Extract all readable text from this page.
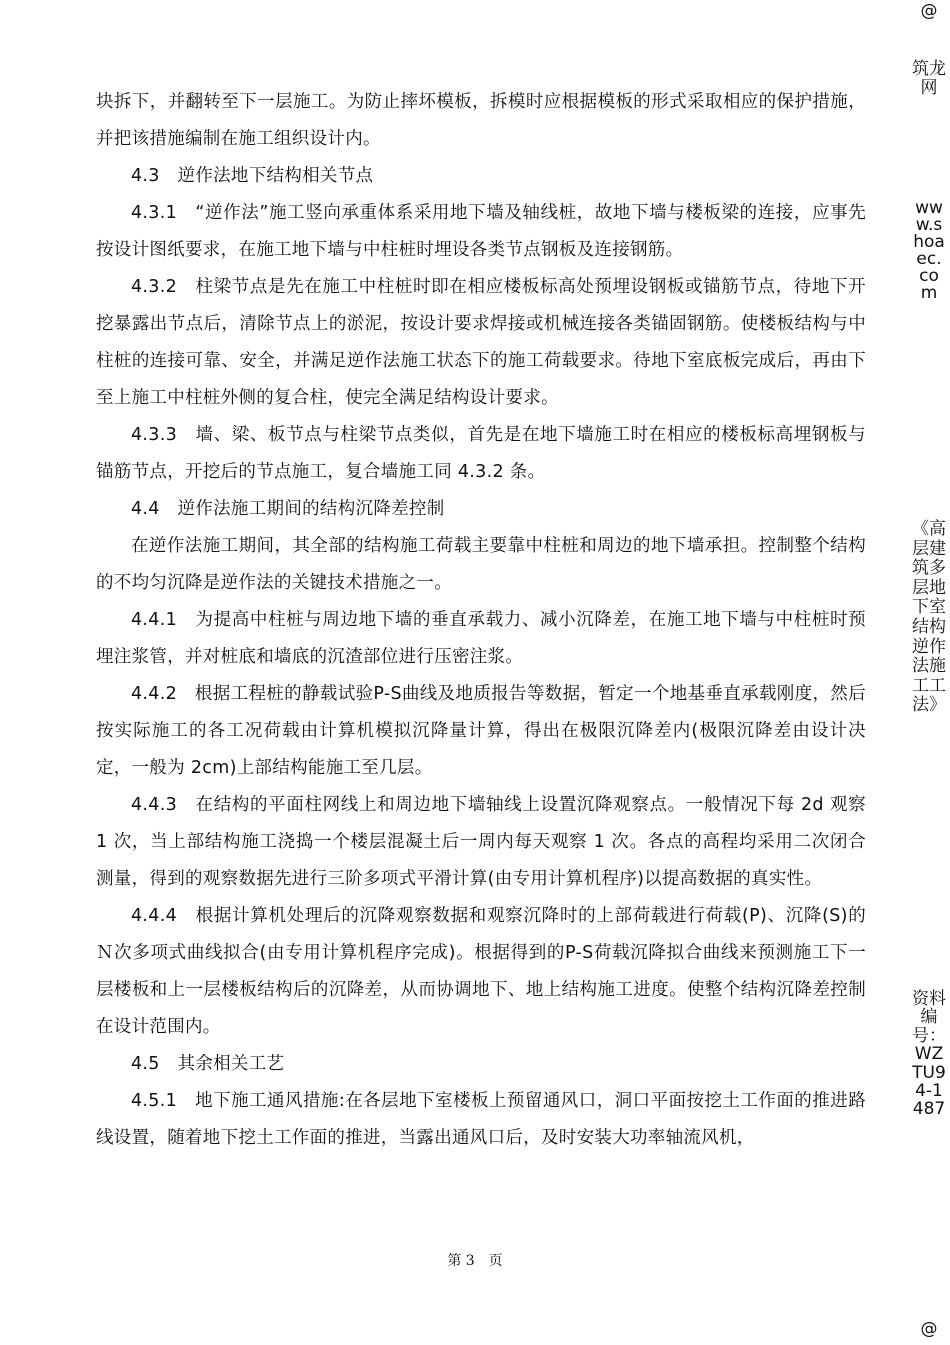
块拆下，并翻转至下一层施工。为防止摔坏模板，拆模时应根据模板的形式采取相应的保护措施，并把该措施编制在施工组织设计内。

4.3　逆作法地下结构相关节点

4.3.1　“逆作法”施工竖向承重体系采用地下墙及轴线桩，故地下墙与楼板梁的连接，应事先按设计图纸要求，在施工地下墙与中柱桩时埋设各类节点钢板及连接钢筋。

4.3.2　柱梁节点是先在施工中柱桩时即在相应楼板标高处预埋设钢板或锚筋节点，待地下开挖暴露出节点后，清除节点上的淤泥，按设计要求焊接或机械连接各类锚固钢筋。使楼板结构与中柱桩的连接可靠、安全，并满足逆作法施工状态下的施工荷载要求。待地下室底板完成后，再由下至上施工中柱桩外侧的复合柱，使完全满足结构设计要求。

4.3.3　墙、梁、板节点与柱梁节点类似，首先是在地下墙施工时在相应的楼板标高埋钢板与锚筋节点，开挖后的节点施工，复合墙施工同 4.3.2 条。

4.4　逆作法施工期间的结构沉降差控制

在逆作法施工期间，其全部的结构施工荷载主要靠中柱桩和周边的地下墙承担。控制整个结构的不均匀沉降是逆作法的关键技术措施之一。

4.4.1　为提高中柱桩与周边地下墙的垂直承载力、减小沉降差，在施工地下墙与中柱桩时预埋注浆管，并对桩底和墙底的沉渣部位进行压密注浆。

4.4.2　根据工程桩的静载试验P-S曲线及地质报告等数据，暂定一个地基垂直承载刚度，然后按实际施工的各工况荷载由计算机模拟沉降量计算，得出在极限沉降差内(极限沉降差由设计决定，一般为 2cm)上部结构能施工至几层。

4.4.3　在结构的平面柱网线上和周边地下墙轴线上设置沉降观察点。一般情况下每 2d 观察 1 次，当上部结构施工浇捣一个楼层混凝土后一周内每天观察 1 次。各点的高程均采用二次闭合测量，得到的观察数据先进行三阶多项式平滑计算(由专用计算机程序)以提高数据的真实性。

4.4.4　根据计算机处理后的沉降观察数据和观察沉降时的上部荷载进行荷载(P)、沉降(S)的Ｎ次多项式曲线拟合(由专用计算机程序完成)。根据得到的P-S荷载沉降拟合曲线来预测施工下一层楼板和上一层楼板结构后的沉降差，从而协调地下、地上结构施工进度。使整个结构沉降差控制在设计范围内。

4.5　其余相关工艺

4.5.1　地下施工通风措施:在各层地下室楼板上预留通风口，洞口平面按挖土工作面的推进路线设置，随着地下挖土工作面的推进，当露出通风口后，及时安装大功率轴流风机，

第 3　页
@
筑龙网
www.shoaec.com
《高层建筑多层地下室结构逆作法施工工法》
资料编号：WZTU94-1487
@
